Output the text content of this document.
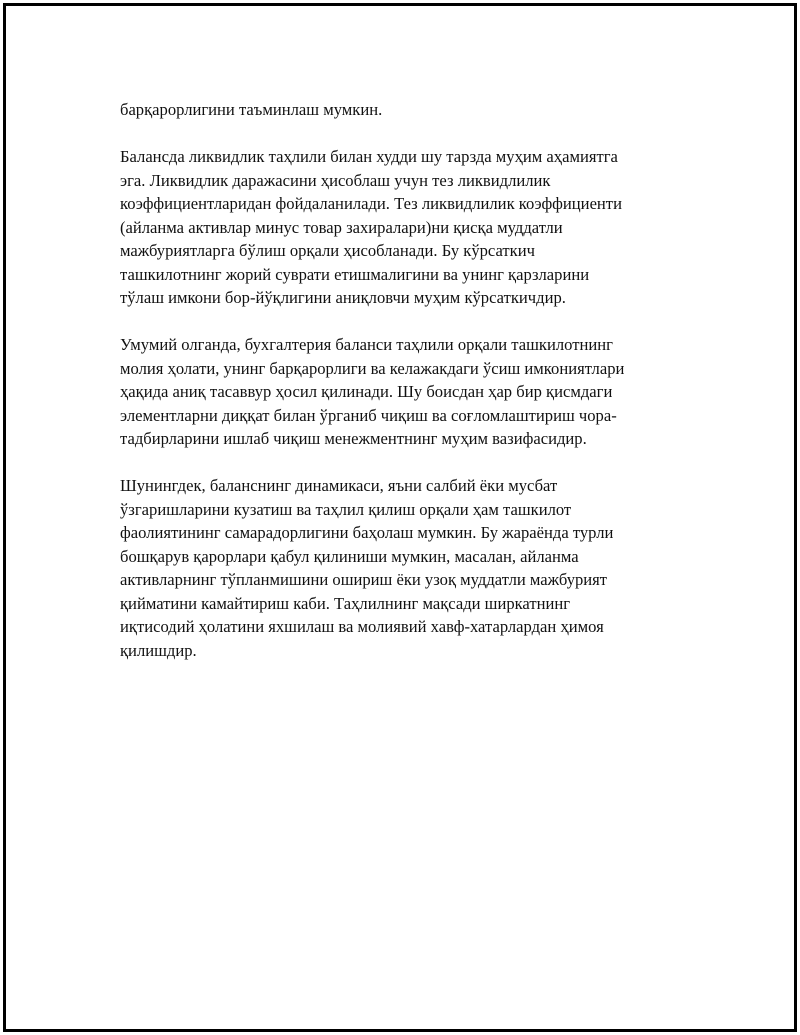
барқарорлигини таъминлаш мумкин.

Балансда ликвидлик таҳлили билан худди шу тарзда муҳим аҳамиятга
эга. Ликвидлик даражасини ҳисоблаш учун тез ликвидлилик
коэффициентларидан фойдаланилади. Тез ликвидлилик коэффициенти
(айланма активлар минус товар захиралари)ни қисқа муддатли
мажбуриятларга бўлиш орқали ҳисобланади. Бу кўрсаткич
ташкилотнинг жорий суврати етишмалигини ва унинг қарзларини
тўлаш имкони бор-йўқлигини аниқловчи муҳим кўрсаткичдир.

Умумий олганда, бухгалтерия баланси таҳлили орқали ташкилотнинг
молия ҳолати, унинг барқарорлиги ва келажакдаги ўсиш имкониятлари
ҳақида аниқ тасаввур ҳосил қилинади. Шу боисдан ҳар бир қисмдаги
элементларни диққат билан ўрганиб чиқиш ва соғломлаштириш чора-
тадбирларини ишлаб чиқиш менежментнинг муҳим вазифасидир.

Шунингдек, баланснинг динамикаси, яъни салбий ёки мусбат
ўзгаришларини кузатиш ва таҳлил қилиш орқали ҳам ташкилот
фаолиятининг самарадорлигини баҳолаш мумкин. Бу жараёнда турли
бошқарув қарорлари қабул қилиниши мумкин, масалан, айланма
активларнинг тўпланмишини ошириш ёки узоқ муддатли мажбурият
қийматини камайтириш каби. Таҳлилнинг мақсади ширкатнинг
иқтисодий ҳолатини яхшилаш ва молиявий хавф-хатарлардан ҳимоя
қилишдир.
